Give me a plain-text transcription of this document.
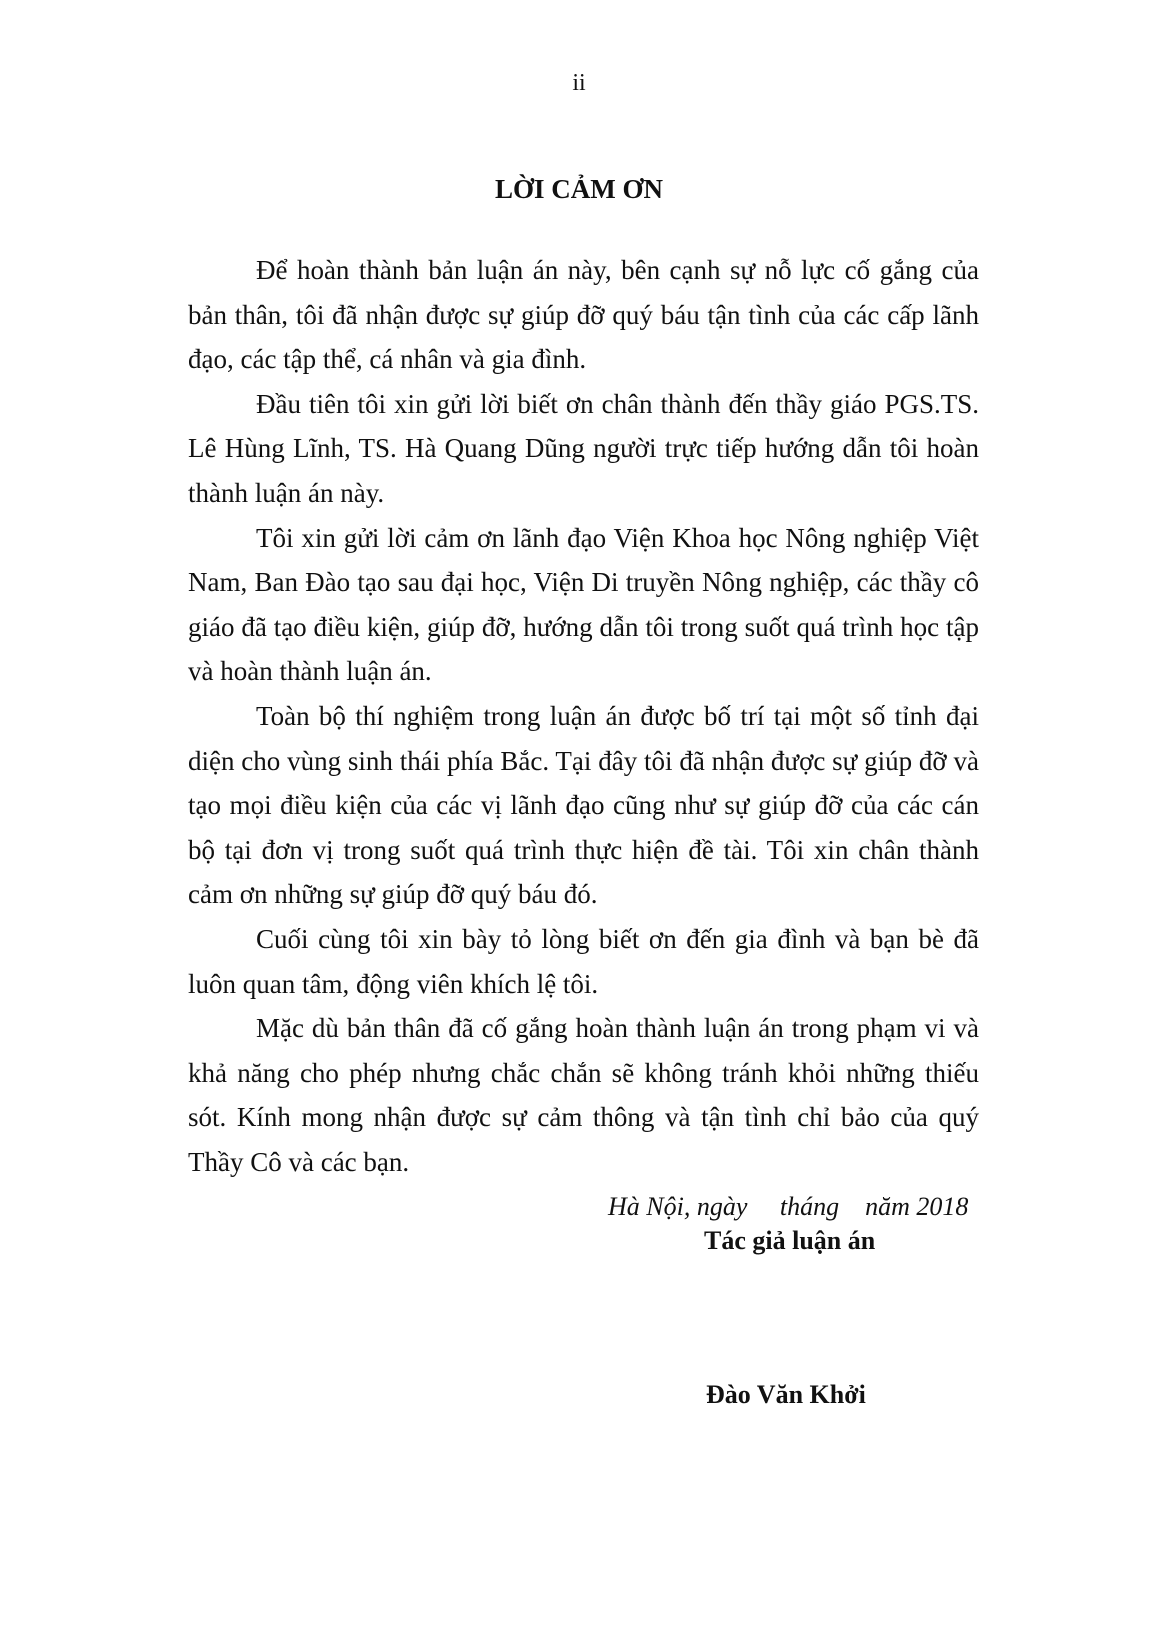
ii
LỜI CẢM ƠN

Để hoàn thành bản luận án này, bên cạnh sự nỗ lực cố gắng của bản thân, tôi đã nhận được sự giúp đỡ quý báu tận tình của các cấp lãnh đạo, các tập thể, cá nhân và gia đình.

Đầu tiên tôi xin gửi lời biết ơn chân thành đến thầy giáo PGS.TS. Lê Hùng Lĩnh, TS. Hà Quang Dũng người trực tiếp hướng dẫn tôi hoàn thành luận án này.

Tôi xin gửi lời cảm ơn lãnh đạo Viện Khoa học Nông nghiệp Việt Nam, Ban Đào tạo sau đại học, Viện Di truyền Nông nghiệp, các thầy cô giáo đã tạo điều kiện, giúp đỡ, hướng dẫn tôi trong suốt quá trình học tập và hoàn thành luận án.

Toàn bộ thí nghiệm trong luận án được bố trí tại một số tỉnh đại diện cho vùng sinh thái phía Bắc. Tại đây tôi đã nhận được sự giúp đỡ và tạo mọi điều kiện của các vị lãnh đạo cũng như sự giúp đỡ của các cán bộ tại đơn vị trong suốt quá trình thực hiện đề tài. Tôi xin chân thành cảm ơn những sự giúp đỡ quý báu đó.

Cuối cùng tôi xin bày tỏ lòng biết ơn đến gia đình và bạn bè đã luôn quan tâm, động viên khích lệ tôi.

Mặc dù bản thân đã cố gắng hoàn thành luận án trong phạm vi và khả năng cho phép nhưng chắc chắn sẽ không tránh khỏi những thiếu sót. Kính mong nhận được sự cảm thông và tận tình chỉ bảo của quý Thầy Cô và các bạn.

Hà Nội, ngày     tháng    năm 2018
Tác giả luận án
Đào Văn Khởi
